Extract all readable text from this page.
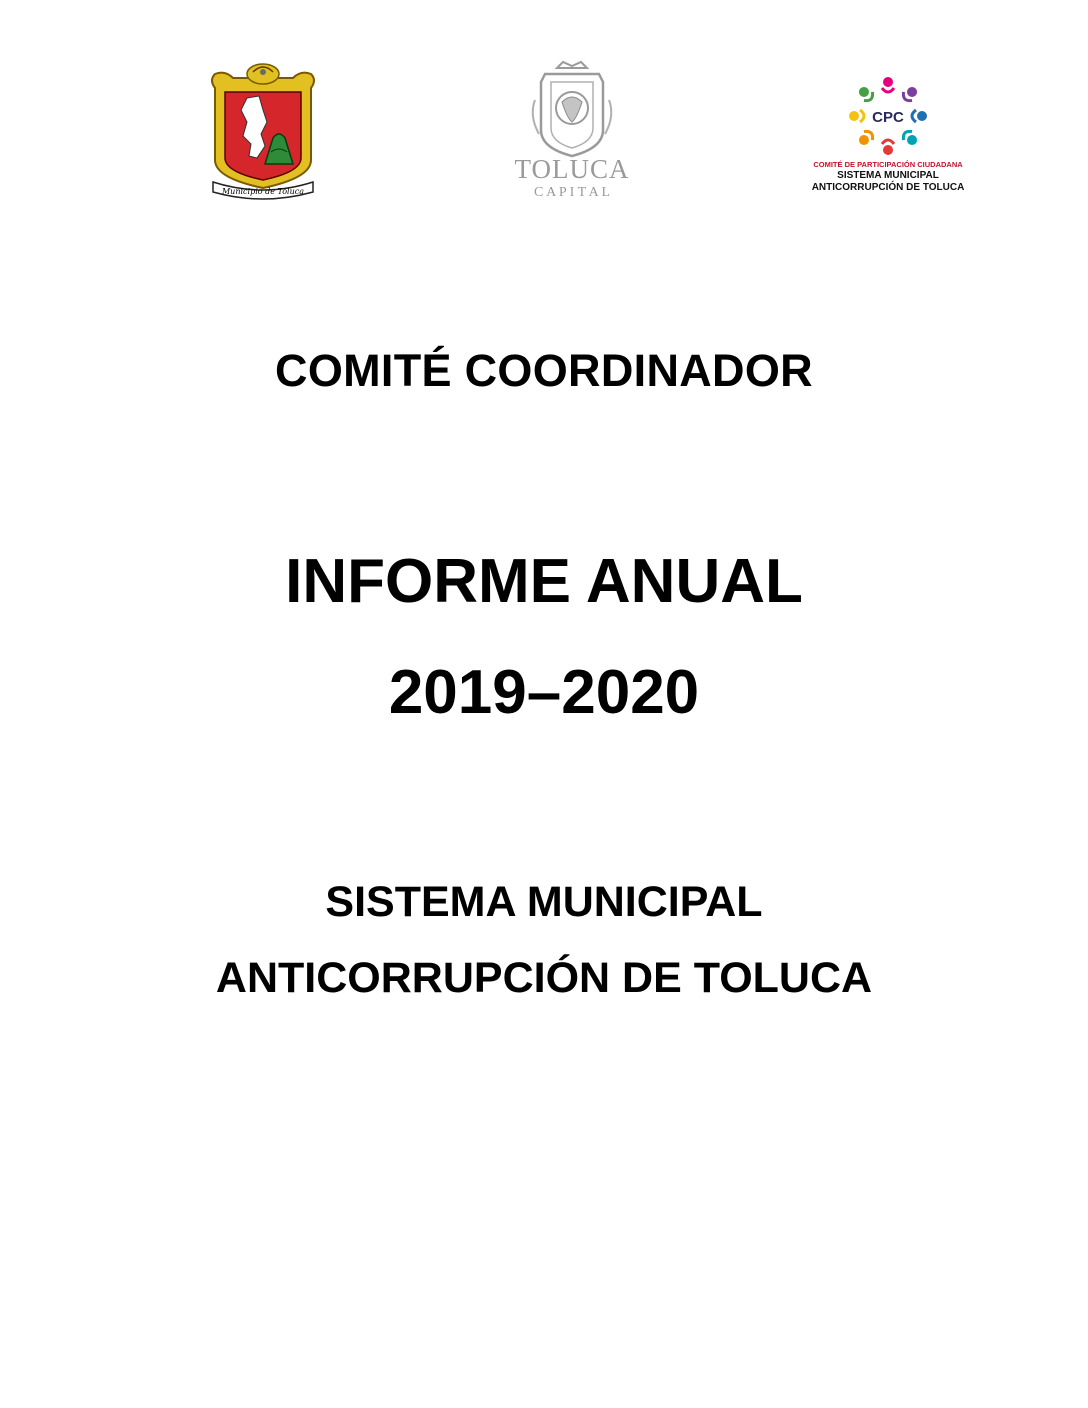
Municipio de Toluca
TOLUCA
C A P I T A L
CPC
COMITÉ DE PARTICIPACIÓN CIUDADANA
SISTEMA MUNICIPAL
ANTICORRUPCIÓN DE TOLUCA
COMITÉ COORDINADOR
INFORME ANUAL
2019–2020
SISTEMA MUNICIPAL
ANTICORRUPCIÓN DE TOLUCA
